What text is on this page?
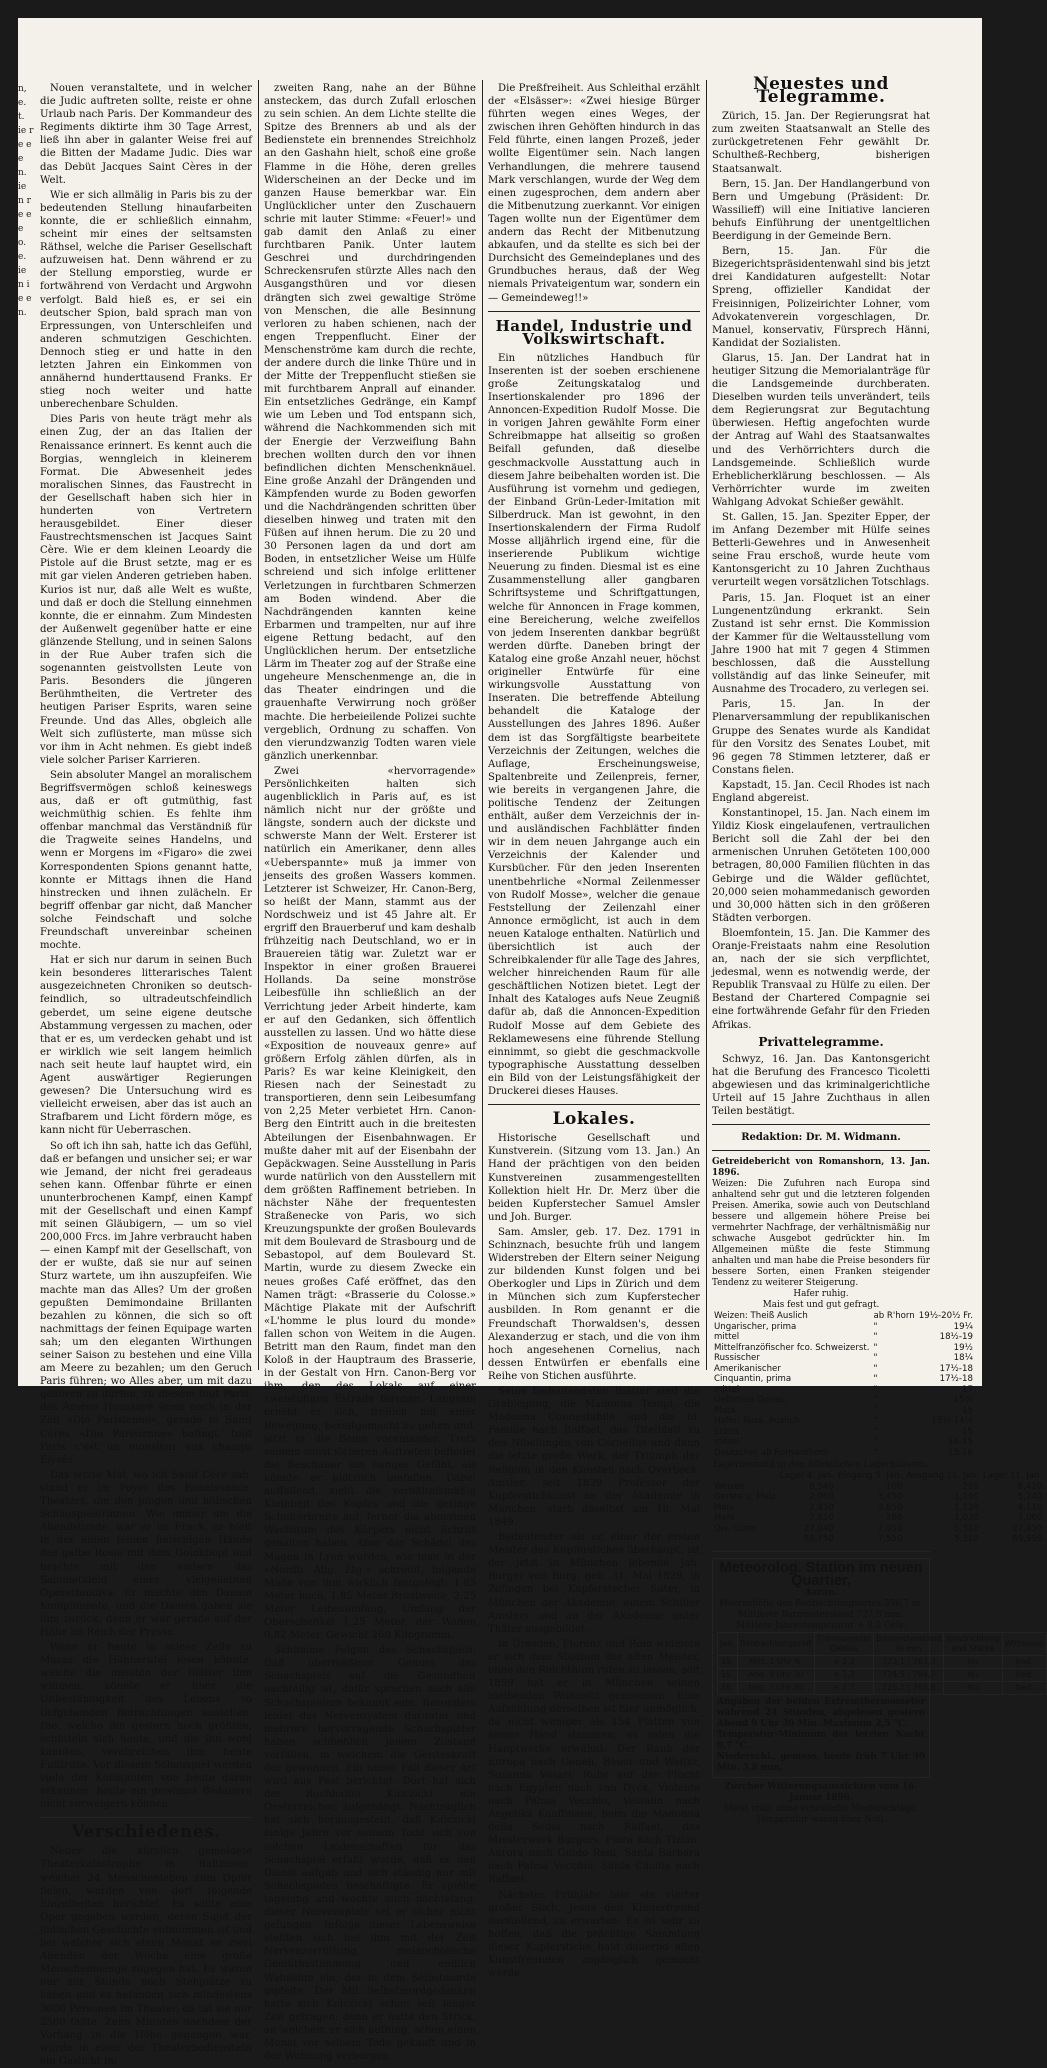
n, e. t. ie r e e e n. ie n r e e e o. e. ie n i e e n.

Nouen veranstaltete, und in welcher die Judic auftreten sollte, reiste er ohne Urlaub nach Paris. Der Kommandeur des Regiments diktirte ihm 30 Tage Arrest, ließ ihn aber in galanter Weise frei auf die Bitten der Madame Judic. Dies war das Debüt Jacques Saint Cères in der Welt.

Wie er sich allmälig in Paris bis zu der bedeutenden Stellung hinaufarbeiten konnte, die er schließlich einnahm, scheint mir eines der seltsamsten Räthsel, welche die Pariser Gesellschaft aufzuweisen hat. Denn während er zu der Stellung emporstieg, wurde er fortwährend von Verdacht und Argwohn verfolgt. Bald hieß es, er sei ein deutscher Spion, bald sprach man von Erpressungen, von Unterschleifen und anderen schmutzigen Geschichten. Dennoch stieg er und hatte in den letzten Jahren ein Einkommen von annähernd hunderttausend Franks. Er stieg noch weiter und hatte unberechenbare Schulden.

Dies Paris von heute trägt mehr als einen Zug, der an das Italien der Renaissance erinnert. Es kennt auch die Borgias, wenngleich in kleinerem Format. Die Abwesenheit jedes moralischen Sinnes, das Faustrecht in der Gesellschaft haben sich hier in hunderten von Vertretern herausgebildet. Einer dieser Faustrechtsmenschen ist Jacques Saint Cère. Wie er dem kleinen Leoardy die Pistole auf die Brust setzte, mag er es mit gar vielen Anderen getrieben haben. Kurios ist nur, daß alle Welt es wußte, und daß er doch die Stellung einnehmen konnte, die er einnahm. Zum Mindesten der Außenwelt gegenüber hatte er eine glänzende Stellung, und in seinen Salons in der Rue Auber trafen sich die sogenannten geistvollsten Leute von Paris. Besonders die jüngeren Berühmtheiten, die Vertreter des heutigen Pariser Esprits, waren seine Freunde. Und das Alles, obgleich alle Welt sich zuflüsterte, man müsse sich vor ihm in Acht nehmen. Es giebt indeß viele solcher Pariser Karrieren.

Sein absoluter Mangel an moralischem Begriffsvermögen schloß keineswegs aus, daß er oft gutmüthig, fast weichmüthig schien. Es fehlte ihm offenbar manchmal das Verständniß für die Tragweite seines Handelns, und wenn er Morgens im «Figaro» die zwei Korrespondenten Spions genannt hatte, konnte er Mittags ihnen die Hand hinstrecken und ihnen zulächeln. Er begriff offenbar gar nicht, daß Mancher solche Feindschaft und solche Freundschaft unvereinbar scheinen mochte.

Hat er sich nur darum in seinen Buch kein besonderes litterarisches Talent ausgezeichneten Chroniken so deutsch-feindlich, so ultradeutschfeindlich geberdet, um seine eigene deutsche Abstammung vergessen zu machen, oder that er es, um verdecken gehabt und ist er wirklich wie seit langem heimlich nach seit heute lauf hauptet wird, ein Agent auswärtiger Regierungen gewesen? Die Untersuchung wird es vielleicht erweisen, aber das ist auch an Strafbarem und Licht fördern möge, es kann nicht für Ueberraschen.

So oft ich ihn sah, hatte ich das Gefühl, daß er befangen und unsicher sei; er war wie Jemand, der nicht frei geradeaus sehen kann. Offenbar führte er einen ununterbrochenen Kampf, einen Kampf mit der Gesellschaft und einen Kampf mit seinen Gläubigern, — um so viel 200,000 Frcs. im Jahre verbraucht haben — einen Kampf mit der Gesellschaft, von der er wußte, daß sie nur auf seinen Sturz wartete, um ihn auszupfeifen. Wie machte man das Alles? Um der großen gepußten Demimondaine Brillanten bezahlen zu können, die sich so oft nachmittags der feinen Equipage warten sah; um den eleganten Wirthungen seiner Saison zu bestehen und eine Villa am Meere zu bezahlen; um den Geruch Paris führen; wo Alles aber, um mit dazu gehören zu dürfen, zu diesem tout Paris, das Arsène Houssaye seine noch in der Zeit «Die Parisienne», gerade in Saint Cères «Die Parisienne» befingt: tout Paris c'est un monsieur aux champs Elysés.

Das letzte Mal, wo ich Saint Cère sah, stand er im Foyer des Renaissance-Theaters, um den jungen und hübschen Schauspielerinnen. Wie immer um die Abendstunde, war er im Frack, er hielt in der einen feinen fleischigen Hände das gelbe Rosie mit dem Goldknopf und brachte mit den andern das Sammetkleid einer vielgeliebten Operettendiva. Er machte den Damen Komplimente, und die Damen gaben sie ihm zurück, denn er war gerade auf der Höhe im Reich der Presse.

Wenn er heute in seiner Zelle zu Mazas die Höhnerutel lesen könnte, welche die meisten der Blätter ihm widmen, könnte er über die Unbeständigkeit des Lebens so tiefgehenden Betrachtungen anstellen. Die, welche ihn gestern noch größten, schütteln sich heute, und die ihn wohl kannten, verabreichen ihm heute Fußtritte. Vor diesem Schauspiel werden viele der Konstanten von heute daran erkennen, heute ein gewisses Bedauern nicht verweigern können.

Verschiedenes.

Neber die kürzlich gemeldete Theaterkatastrophe in Baltimore, welcher 24 Menschenleben zum Opfer fielen, werden von dort folgende Einzelheiten berichtet: Es sollte eine Oper gegeben werden, deren Sujet der jüdischen Geschichte entnommen ist und bei welcher sich einen Monat an zwei Abenden der Woche eine große Menschenmenge zugegen hat. Es waren nur zur Stunde noch Stehplätze zu haben und es befanden sich mindestens 3000 Personen im Theater, da tat sie nur 2500 faßte. Zehn Minuten nachdem der Vorhang in die Höhe gegangen war, wurde in einer der Theaterbedienstetn ein Gaslicht im

zweiten Rang, nahe an der Bühne ansteckem, das durch Zufall erloschen zu sein schien. An dem Lichte stellte die Spitze des Brenners ab und als der Bedienstete ein brennendes Streichholz an den Gashahn hielt, schoß eine große Flamme in die Höhe, deren grelles Widerscheinen an der Decke und im ganzen Hause bemerkbar war. Ein Unglücklicher unter den Zuschauern schrie mit lauter Stimme: «Feuer!» und gab damit den Anlaß zu einer furchtbaren Panik. Unter lautem Geschrei und durchdringenden Schreckensrufen stürzte Alles nach den Ausgangsthüren und vor diesen drängten sich zwei gewaltige Ströme von Menschen, die alle Besinnung verloren zu haben schienen, nach der engen Treppenflucht. Einer der Menschenströme kam durch die rechte, der andere durch die linke Thüre und in der Mitte der Treppenflucht stießen sie mit furchtbarem Anprall auf einander. Ein entsetzliches Gedränge, ein Kampf wie um Leben und Tod entspann sich, während die Nachkommenden sich mit der Energie der Verzweiflung Bahn brechen wollten durch den vor ihnen befindlichen dichten Menschenknäuel. Eine große Anzahl der Drängenden und Kämpfenden wurde zu Boden geworfen und die Nachdrängenden schritten über dieselben hinweg und traten mit den Füßen auf ihnen herum. Die zu 20 und 30 Personen lagen da und dort am Boden, in entsetzlicher Weise um Hülfe schreiend und sich infolge erlittener Verletzungen in furchtbaren Schmerzen am Boden windend. Aber die Nachdrängenden kannten keine Erbarmen und trampelten, nur auf ihre eigene Rettung bedacht, auf den Unglücklichen herum. Der entsetzliche Lärm im Theater zog auf der Straße eine ungeheure Menschenmenge an, die in das Theater eindringen und die grauenhafte Verwirrung noch größer machte. Die herbeieilende Polizei suchte vergeblich, Ordnung zu schaffen. Von den vierundzwanzig Todten waren viele gänzlich unerkennbar.

Zwei «hervorragende» Persönlichkeiten halten sich augenblicklich in Paris auf, es ist nämlich nicht nur der größte und längste, sondern auch der dickste und schwerste Mann der Welt. Ersterer ist natürlich ein Amerikaner, denn alles «Ueberspannte» muß ja immer von jenseits des großen Wassers kommen. Letzterer ist Schweizer, Hr. Canon-Berg, so heißt der Mann, stammt aus der Nordschweiz und ist 45 Jahre alt. Er ergriff den Brauerberuf und kam deshalb frühzeitig nach Deutschland, wo er in Brauereien tätig war. Zuletzt war er Inspektor in einer großen Brauerei Hollands. Da seine monströse Leibesfülle ihn schließlich an der Verrichtung jeder Arbeit hinderte, kam er auf den Gedanken, sich öffentlich ausstellen zu lassen. Und wo hätte diese «Exposition de nouveaux genre» auf größern Erfolg zählen dürfen, als in Paris? Es war keine Kleinigkeit, den Riesen nach der Seinestadt zu transportieren, denn sein Leibesumfang von 2,25 Meter verbietet Hrn. Canon-Berg den Eintritt auch in die breitesten Abteilungen der Eisenbahnwagen. Er mußte daher mit auf der Eisenbahn der Gepäckwagen. Seine Ausstellung in Paris wurde natürlich von den Ausstellern mit dem größten Raffinement betrieben. In nächster Nähe der frequentesten Straßenecke von Paris, wo sich Kreuzungspunkte der großen Boulevards mit dem Boulevard de Strasbourg und de Sebastopol, auf dem Boulevard St. Martin, wurde zu diesem Zwecke ein neues großes Café eröffnet, das den Namen trägt: «Brasserie du Colosse.» Mächtige Plakate mit der Aufschrift «L'homme le plus lourd du monde» fallen schon von Weitem in die Augen. Betritt man den Raum, findet man den Koloß in der Hauptraum des Brasserie, in der Gestalt von Hrn. Canon-Berg vor ihm, den des Lokals auf einer zweistufigen Estrade thronen. Langsam erhebt er sich, freilich mit einer Bewegung, bereitgemacht zu gehen und, jetzt er die Beine voreinander. Trotz seinem sonst sicheren Auftreten befindet die Beschauer ein banges Gefühl, als könnte er plötzlich umfallen. Dabei auffallend, sieht die verhältnismäßig Kleinheit des Kopfes und die geringe Schulterbreite auf, ferner die abnormen Wachstum des Körpers nicht Schritt gehalten haben. Aber der Schädel des Magen in Lyon wurden, wie man in der «Nordb. Allg. Ztg.» schreibt, folgende Maße von ihm wirklich festgelegt: 1,85 Meter hoch, 1,85 Meter Brustweite, 2,25 Meter Leibesumfang, Umfang der Oberschenkel 1,25 Meter, der Waden 0,82 Meter, Gewicht 260 Kilogramm.

Schlimme Folgen des Schachspiels. Daß übermäßiger Genuss des Schachspiels auf die Gesundheit nachteilig ist, dafür sprechen auch alle Schachspielern bekannt sein. Besonders leidet das Nervensystem darunter und mehrere hervorragende Schachspieler haben schließlich jenem Zustand verfallen, in welchem die Geisteskraft der gewonnen. Ein neuer Fall dieser Art wird aus Pest berichtet. Dort hat sich der Buchhalter Kulczicki, ein Oesterreicher, aufgehängt. Nachträglich hat sich herausgestellt, daß Kulczicki einige Jahre vor seinem Tode sich von solchen Leidenschaften für das Schachspiel erfaßt wurde, daß er den Dienst aufgab und sich ständig nur mit Schachspielen beschäftigte. Er spielte tagelang und wachte auch nächtelang, dieser Nervenspiele sei er sicher nicht gelungen. Infolge dieser Lebensweise stellten sich bei ihm mit der Zeit Nervenzerrüttung, melancholische Gemüthsstimmung und endlich Wahnsinn ein, der in dem Selbstmorde gipfelte. Der Mit Selbstmordgedanken hatte sich Kulczicki schon seit langer Zeit getragen; denn er hatte den Strick, an welchem er sich aufhing, schon einen Monat vor seinem Tode gekauft und in der Wohnung verborgen.

Die Preßfreiheit. Aus Schleithal erzählt der «Elsässer»: «Zwei hiesige Bürger führten wegen eines Weges, der zwischen ihren Gehöften hindurch in das Feld führte, einen langen Prozeß, jeder wollte Eigentümer sein. Nach langen Verhandlungen, die mehrere tausend Mark verschlangen, wurde der Weg dem einen zugesprochen, dem andern aber die Mitbenutzung zuerkannt. Vor einigen Tagen wollte nun der Eigentümer dem andern das Recht der Mitbenutzung abkaufen, und da stellte es sich bei der Durchsicht des Gemeindeplanes und des Grundbuches heraus, daß der Weg niemals Privateigentum war, sondern ein — Gemeindeweg!!»

Handel, Industrie und Volkswirtschaft.

Ein nützliches Handbuch für Inserenten ist der soeben erschienene große Zeitungskatalog und Insertionskalender pro 1896 der Annoncen-Expedition Rudolf Mosse. Die in vorigen Jahren gewählte Form einer Schreibmappe hat allseitig so großen Beifall gefunden, daß dieselbe geschmackvolle Ausstattung auch in diesem Jahre beibehalten worden ist. Die Ausführung ist vornehm und gediegen, der Einband Grün-Leder-Imitation mit Silberdruck. Man ist gewohnt, in den Insertionskalendern der Firma Rudolf Mosse alljährlich irgend eine, für die inserierende Publikum wichtige Neuerung zu finden. Diesmal ist es eine Zusammenstellung aller gangbaren Schriftsysteme und Schriftgattungen, welche für Annoncen in Frage kommen, eine Bereicherung, welche zweifellos von jedem Inserenten dankbar begrüßt werden dürfte. Daneben bringt der Katalog eine große Anzahl neuer, höchst origineller Entwürfe für eine wirkungsvolle Ausstattung von Inseraten. Die betreffende Abteilung behandelt die Kataloge der Ausstellungen des Jahres 1896. Außer dem ist das Sorgfältigste bearbeitete Verzeichnis der Zeitungen, welches die Auflage, Erscheinungsweise, Spaltenbreite und Zeilenpreis, ferner, wie bereits in vergangenen Jahre, die politische Tendenz der Zeitungen enthält, außer dem Verzeichnis der in- und ausländischen Fachblätter finden wir in dem neuen Jahrgange auch ein Verzeichnis der Kalender und Kursbücher. Für den jeden Inserenten unentbehrliche «Normal Zeilenmesser von Rudolf Mosse», welcher die genaue Feststellung der Zeilenzahl einer Annonce ermöglicht, ist auch in dem neuen Kataloge enthalten. Natürlich und übersichtlich ist auch der Schreibkalender für alle Tage des Jahres, welcher hinreichenden Raum für alle geschäftlichen Notizen bietet. Legt der Inhalt des Kataloges aufs Neue Zeugniß dafür ab, daß die Annoncen-Expedition Rudolf Mosse auf dem Gebiete des Reklamewesens eine führende Stellung einnimmt, so giebt die geschmackvolle typographische Ausstattung desselben ein Bild von der Leistungsfähigkeit der Druckerei dieses Hauses.

Lokales.

Historische Gesellschaft und Kunstverein. (Sitzung vom 13. Jan.) An Hand der prächtigen von den beiden Kunstvereinen zusammengestellten Kollektion hielt Hr. Dr. Merz über die beiden Kupferstecher Samuel Amsler und Joh. Burger.

Sam. Amsler, geb. 17. Dez. 1791 in Schinznach, besuchte früh und langem Widerstreben der Eltern seiner Neigung zur bildenden Kunst folgen und bei Oberkogler und Lips in Zürich und dem in München sich zum Kupferstecher ausbilden. In Rom genannt er die Freundschaft Thorwaldsen's, dessen Alexanderzug er stach, und die von ihm hoch angesehenen Cornelius, nach dessen Entwürfen er ebenfalls eine Reihe von Stichen ausführte.

Seine bedeutendsten Blätter sind die Grablegung, die Madonna Tempi, die Madonna Connestabile und die hl. Familie nach Raffael, das Titelblatt zu den Nibelungen von Cornelius und dann die letzte große Werk, der Triumph der Religion in den Künsten nach Overbeck. Amsler, seit 1829 Professor der Kupferstichkunst an der Akademie in München, starb daselbst am 18. Mai 1849.

Bedeutender als er, einer der ersten Meister des Kupferstiches überhaupt, ist der jetzt in München lebende Joh. Burger von Burg, geb. 31. Mai 1829, in Zofingen bei Kupferstecher Suter, in München der Akademie, einem Schüler Amslers und an der Akademie unter Thäter ausgebildet.

In Dresden, Florenz und Rom widmete er sich dem Studium der alten Meister, ohne den Reichthum rufen zu lassen, seit 1859 hat er in München seinen bleibenden Wohnsitz genommen. Eine Aufzählung derselben ist hier unmöglich, da nicht weniger als 154 Platten von seiner Hand stammen; es seien die Hauptwerke erwähnt: Der Raub der Europa nach Geneli, Bauer und Walter, Susanna Vasari, Ruhe auf der Flucht nach Egypten nach van Dyck, Violante nach Palma Vecchio, Vestalin nach Angelika Kauffmann, beim die Madonna della Sedia nach Raffael, das Meisterwerk Burgers, Flora nach Tizian, Aurora nach Guido Reni, Santa Barbara nach Palma Vecchio, Santa Cäcilia nach Raffael.

Nächstes Frühjahr hier ein vierter großer Stich, Jesus den Kinderfreund darstellend, zu erwarten. Es ist sehr zu hoffen, daß die prächtige Sammlung dieser Kupferstiche bald dauernd allen Kunstfreunden zugänglich gemacht werde.

Neuestes und Telegramme.

Zürich, 15. Jan. Der Regierungsrat hat zum zweiten Staatsanwalt an Stelle des zurückgetretenen Fehr gewählt Dr. Schultheß-Rechberg, bisherigen Staatsanwalt.

Bern, 15. Jan. Der Handlangerbund von Bern und Umgebung (Präsident: Dr. Wassilieff) will eine Initiative lancieren behufs Einführung der unentgeltlichen Beerdigung in der Gemeinde Bern.

Bern, 15. Jan. Für die Bizegerichtspräsidentenwahl sind bis jetzt drei Kandidaturen aufgestellt: Notar Spreng, offizieller Kandidat der Freisinnigen, Polizeirichter Lohner, vom Advokatenverein vorgeschlagen, Dr. Manuel, konservativ, Fürsprech Hänni, Kandidat der Sozialisten.

Glarus, 15. Jan. Der Landrat hat in heutiger Sitzung die Memorialanträge für die Landsgemeinde durchberaten. Dieselben wurden teils unverändert, teils dem Regierungsrat zur Begutachtung überwiesen. Heftig angefochten wurde der Antrag auf Wahl des Staatsanwaltes und des Verhörrichters durch die Landsgemeinde. Schließlich wurde Erheblicherklärung beschlossen. — Als Verhörrichter wurde im zweiten Wahlgang Advokat Schießer gewählt.

St. Gallen, 15. Jan. Speziter Epper, der im Anfang Dezember mit Hülfe seines Betterli-Gewehres und in Anwesenheit seine Frau erschoß, wurde heute vom Kantonsgericht zu 10 Jahren Zuchthaus verurteilt wegen vorsätzlichen Totschlags.

Paris, 15. Jan. Floquet ist an einer Lungenentzündung erkrankt. Sein Zustand ist sehr ernst. Die Kommission der Kammer für die Weltausstellung vom Jahre 1900 hat mit 7 gegen 4 Stimmen beschlossen, daß die Ausstellung vollständig auf das linke Seineufer, mit Ausnahme des Trocadero, zu verlegen sei.

Paris, 15. Jan. In der Plenarversammlung der republikanischen Gruppe des Senates wurde als Kandidat für den Vorsitz des Senates Loubet, mit 96 gegen 78 Stimmen letzterer, daß er Constans fielen.

Kapstadt, 15. Jan. Cecil Rhodes ist nach England abgereist.

Konstantinopel, 15. Jan. Nach einem im Yildiz Kiosk eingelaufenen, vertraulichen Bericht soll die Zahl der bei den armenischen Unruhen Getöteten 100,000 betragen, 80,000 Familien flüchten in das Gebirge und die Wälder geflüchtet, 20,000 seien mohammedanisch geworden und 30,000 hätten sich in den größeren Städten verborgen.

Bloemfontein, 15. Jan. Die Kammer des Oranje-Freistaats nahm eine Resolution an, nach der sie sich verpflichtet, jedesmal, wenn es notwendig werde, der Republik Transvaal zu Hülfe zu eilen. Der Bestand der Chartered Compagnie sei eine fortwährende Gefahr für den Frieden Afrikas.

Privattelegramme.

Schwyz, 16. Jan. Das Kantonsgericht hat die Berufung des Francesco Ticoletti abgewiesen und das kriminalgerichtliche Urteil auf 15 Jahre Zuchthaus in allen Teilen bestätigt.

Redaktion: Dr. M. Widmann.
Getreidebericht von Romanshorn, 13. Jan. 1896.
Weizen: Die Zufuhren nach Europa sind anhaltend sehr gut und die letzteren folgenden Preisen. Amerika, sowie auch von Deutschland bessere und allgemein höhere Preise bei vermehrter Nachfrage, der verhältnismäßig nur schwache Ausgebot gedrückter hin. Im Allgemeinen müßte die feste Stimmung anhalten und man habe die Preise besonders für bessere Sorten, einen Franken steigender Tendenz zu weiterer Steigerung.
Hafer ruhig.
Mais fest und gut gefragt.
Weizen: Theiß Auslich	ab R'horn	19½-20½ Fr.
Ungarischer, prima	"	19¼
mittel	"	18½-19
Mittelfranzöfischer fco. Schweizerst.	"	19½
Russischer	"	18¼
Amerikanischer	"	17½-18
Cinquantin, prima	"	17½-18
mittel	"	17
Gelbmais Donau	"	15½
Plata	"	15
Hafer: Russ. Auslich	"	13½-14½
prima	"	15
mittel	"	14-15
Deutscher ab Romanshorn	"	15-16
Lagerbestand in den öffentlichen Lagerhäusern.
	Lager 4. Jan.	Eingang 5. Jan.	Ausgang 11. Jan.	Lager 11. Jan.
Weizen	6,540	100	220	6,420
Gerste u. Malz	2,980	3,450	1,190	5,240
Mais	2,450	3,850	1,120	4,110
Mehl	7,810	280	1,030	7,060
Div. Güter	27,040	2,950	5,310	27,450
	88,750	7,550	5,310	89,990
Meteorolog. Station im neuen Quartier,
Aarau.
Meereshöhe des Beobachtungsortes 396,7 m.
Mittlerer Barometerstand 727,8 mm.
Mittlere Jahrestemperatur + 8,2 Cels.
Jan.	Beobachtungszeit	Thermometer Celsius	Barometerstand in mm	Windrichtung und Stärke	Witterung
15.	Mitt. 1 Uhr N.	+ 2,2	723,1 | 763,3	W₂	bed.
15.	Abd. 9 Uhr 30	+ 1,7	724,5 | 764,7	W₁	bed.
16.	Mrg. 7 Uhr 30	+ 1,7	725,1 | 765,8	W₁	bed.
Angaben der beiden Extremthermometer während 24 Stunden, abgelesen gestern Abend 9 Uhr 30 Min. Maximum 2,5 °C.
Temperatur-Minimum der letzten Nacht 0,7 °C.
Niederschl., gemess. heute früh 7 Uhr 30 Min. 5.8 mm.
Zürcher Witterungsaussichten vom 16. Januar 1896.
Meist trüb, ohne erhebliche Niederschläge, Temperatur wenig über Null.
